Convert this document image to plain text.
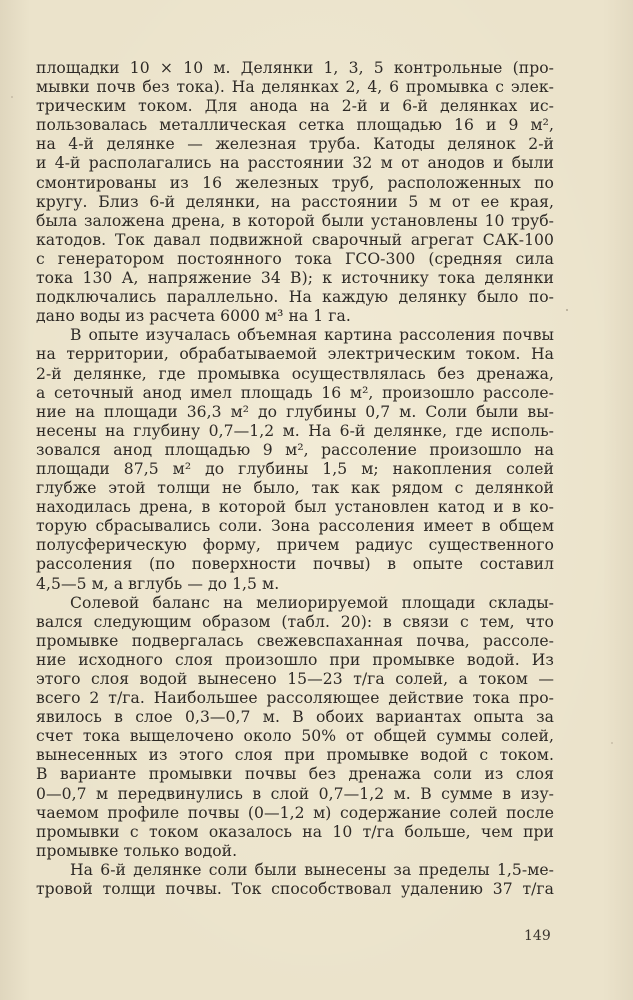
площадки 10 × 10 м. Делянки 1, 3, 5 контрольные (про-
мывки почв без тока). На делянках 2, 4, 6 промывка с элек-
трическим током. Для анода на 2-й и 6-й делянках ис-
пользовалась металлическая сетка площадью 16 и 9 м²,
на 4-й делянке — железная труба. Катоды делянок 2-й
и 4-й располагались на расстоянии 32 м от анодов и были
смонтированы из 16 железных труб, расположенных по
кругу. Близ 6-й делянки, на расстоянии 5 м от ее края,
была заложена дрена, в которой были установлены 10 труб-
катодов. Ток давал подвижной сварочный агрегат САК-100
с генератором постоянного тока ГСО-300 (средняя сила
тока 130 А, напряжение 34 В); к источнику тока делянки
подключались параллельно. На каждую делянку было по-
дано воды из расчета 6000 м³ на 1 га.
В опыте изучалась объемная картина рассоления почвы
на территории, обрабатываемой электрическим током. На
2-й делянке, где промывка осуществлялась без дренажа,
а сеточный анод имел площадь 16 м², произошло рассоле-
ние на площади 36,3 м² до глубины 0,7 м. Соли были вы-
несены на глубину 0,7—1,2 м. На 6-й делянке, где исполь-
зовался анод площадью 9 м², рассоление произошло на
площади 87,5 м² до глубины 1,5 м; накопления солей
глубже этой толщи не было, так как рядом с делянкой
находилась дрена, в которой был установлен катод и в ко-
торую сбрасывались соли. Зона рассоления имеет в общем
полусферическую форму, причем радиус существенного
рассоления (по поверхности почвы) в опыте составил
4,5—5 м, а вглубь — до 1,5 м.
Солевой баланс на мелиорируемой площади склады-
вался следующим образом (табл. 20): в связи с тем, что
промывке подвергалась свежевспаханная почва, рассоле-
ние исходного слоя произошло при промывке водой. Из
этого слоя водой вынесено 15—23 т/га солей, а током —
всего 2 т/га. Наибольшее рассоляющее действие тока про-
явилось в слое 0,3—0,7 м. В обоих вариантах опыта за
счет тока выщелочено около 50% от общей суммы солей,
вынесенных из этого слоя при промывке водой с током.
В варианте промывки почвы без дренажа соли из слоя
0—0,7 м передвинулись в слой 0,7—1,2 м. В сумме в изу-
чаемом профиле почвы (0—1,2 м) содержание солей после
промывки с током оказалось на 10 т/га больше, чем при
промывке только водой.
На 6-й делянке соли были вынесены за пределы 1,5-ме-
тровой толщи почвы. Ток способствовал удалению 37 т/га
149
